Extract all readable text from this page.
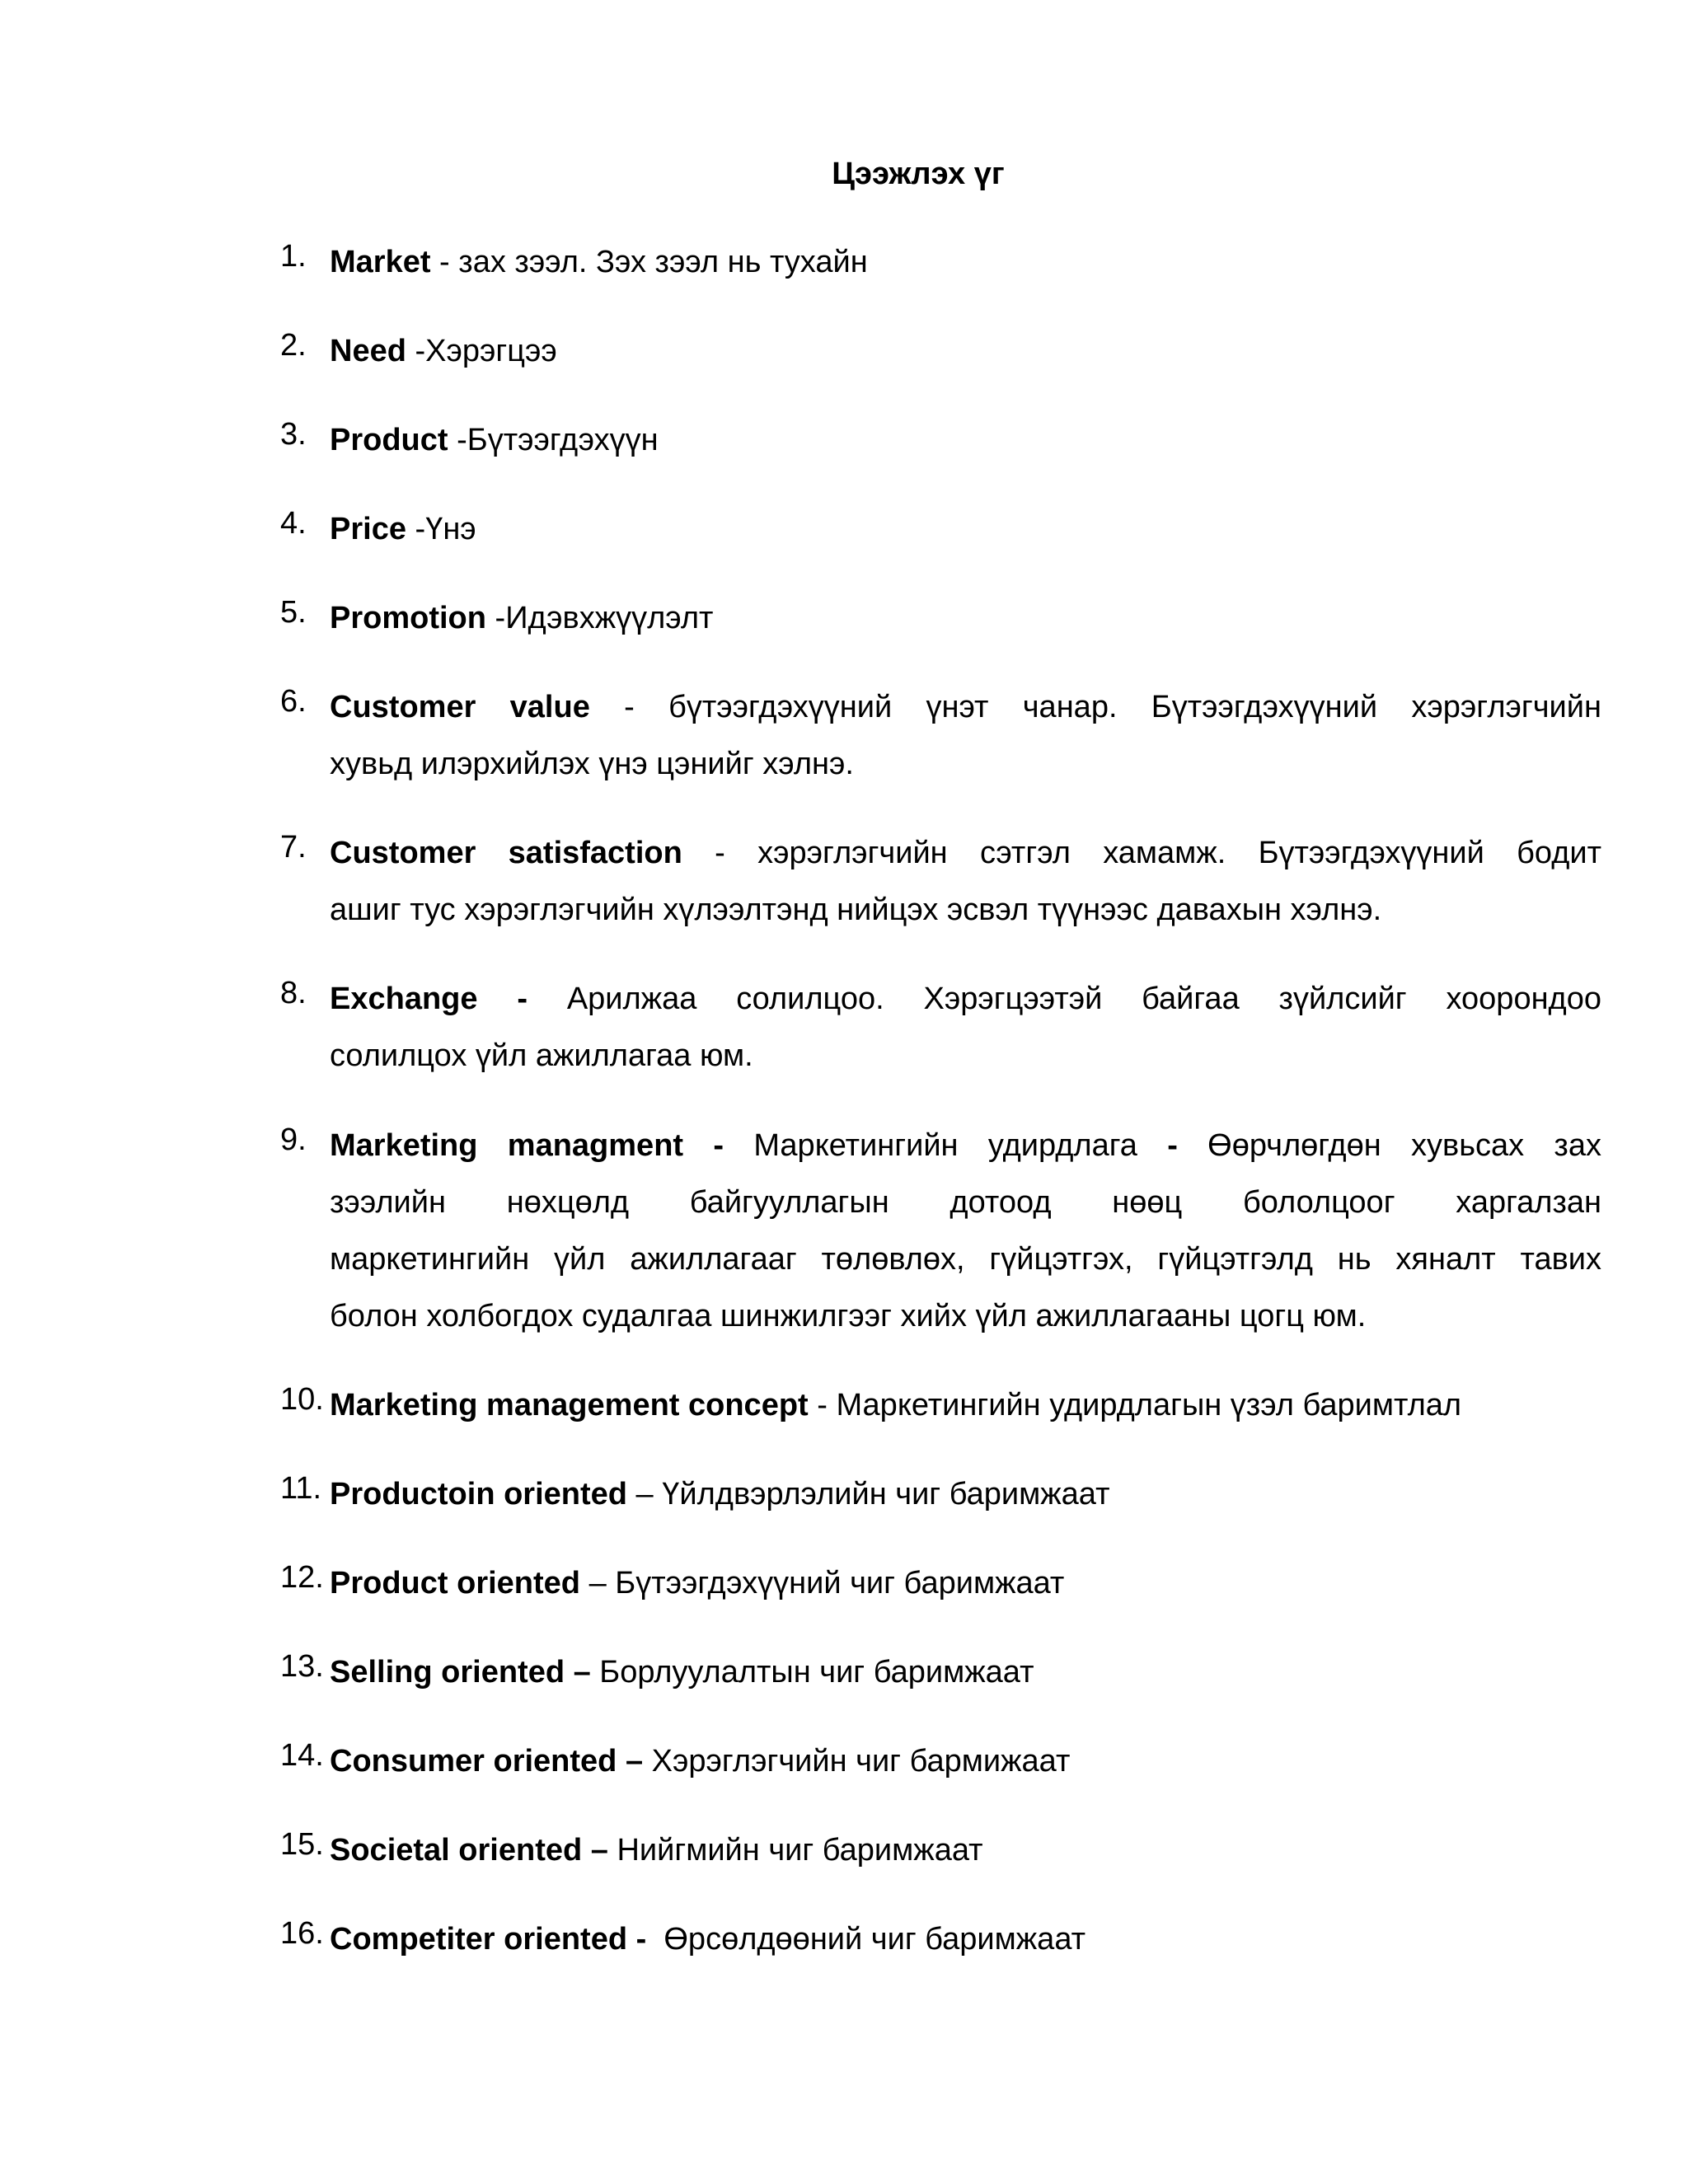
Цээжлэх үг
1. Market - зах зээл. Зэх зээл нь тухайн
2. Need -Хэрэгцээ
3. Product -Бүтээгдэхүүн
4. Price -Үнэ
5. Promotion -Идэвхжүүлэлт
6. Customer value - бүтээгдэхүүний үнэт чанар. Бүтээгдэхүүний хэрэглэгчийн
хувьд илэрхийлэх үнэ цэнийг хэлнэ.
7. Customer satisfaction - хэрэглэгчийн сэтгэл хамамж. Бүтээгдэхүүний бодит
ашиг тус хэрэглэгчийн хүлээлтэнд нийцэх эсвэл түүнээс давахын хэлнэ.
8. Exchange - Арилжаа солилцоо. Хэрэгцээтэй байгаа зүйлсийг хоорондоо
солилцох үйл ажиллагаа юм.
9. Marketing managment - Маркетингийн удирдлага - Өөрчлөгдөн хувьсах зах
зээлийн нөхцөлд байгууллагын дотоод нөөц бололцоог харгалзан
маркетингийн үйл ажиллагааг төлөвлөх, гүйцэтгэх, гүйцэтгэлд нь хяналт тавих
болон холбогдох судалгаа шинжилгээг хийх үйл ажиллагааны цогц юм.
10. Marketing management concept - Маркетингийн удирдлагын үзэл баримтлал
11. Productoin oriented – Үйлдвэрлэлийн чиг баримжаат
12. Product oriented – Бүтээгдэхүүний чиг баримжаат
13. Selling oriented – Борлуулалтын чиг баримжаат
14. Consumer oriented – Хэрэглэгчийн чиг бармижаат
15. Societal oriented – Нийгмийн чиг баримжаат
16. Competiter oriented - Өрсөлдөөний чиг баримжаат
